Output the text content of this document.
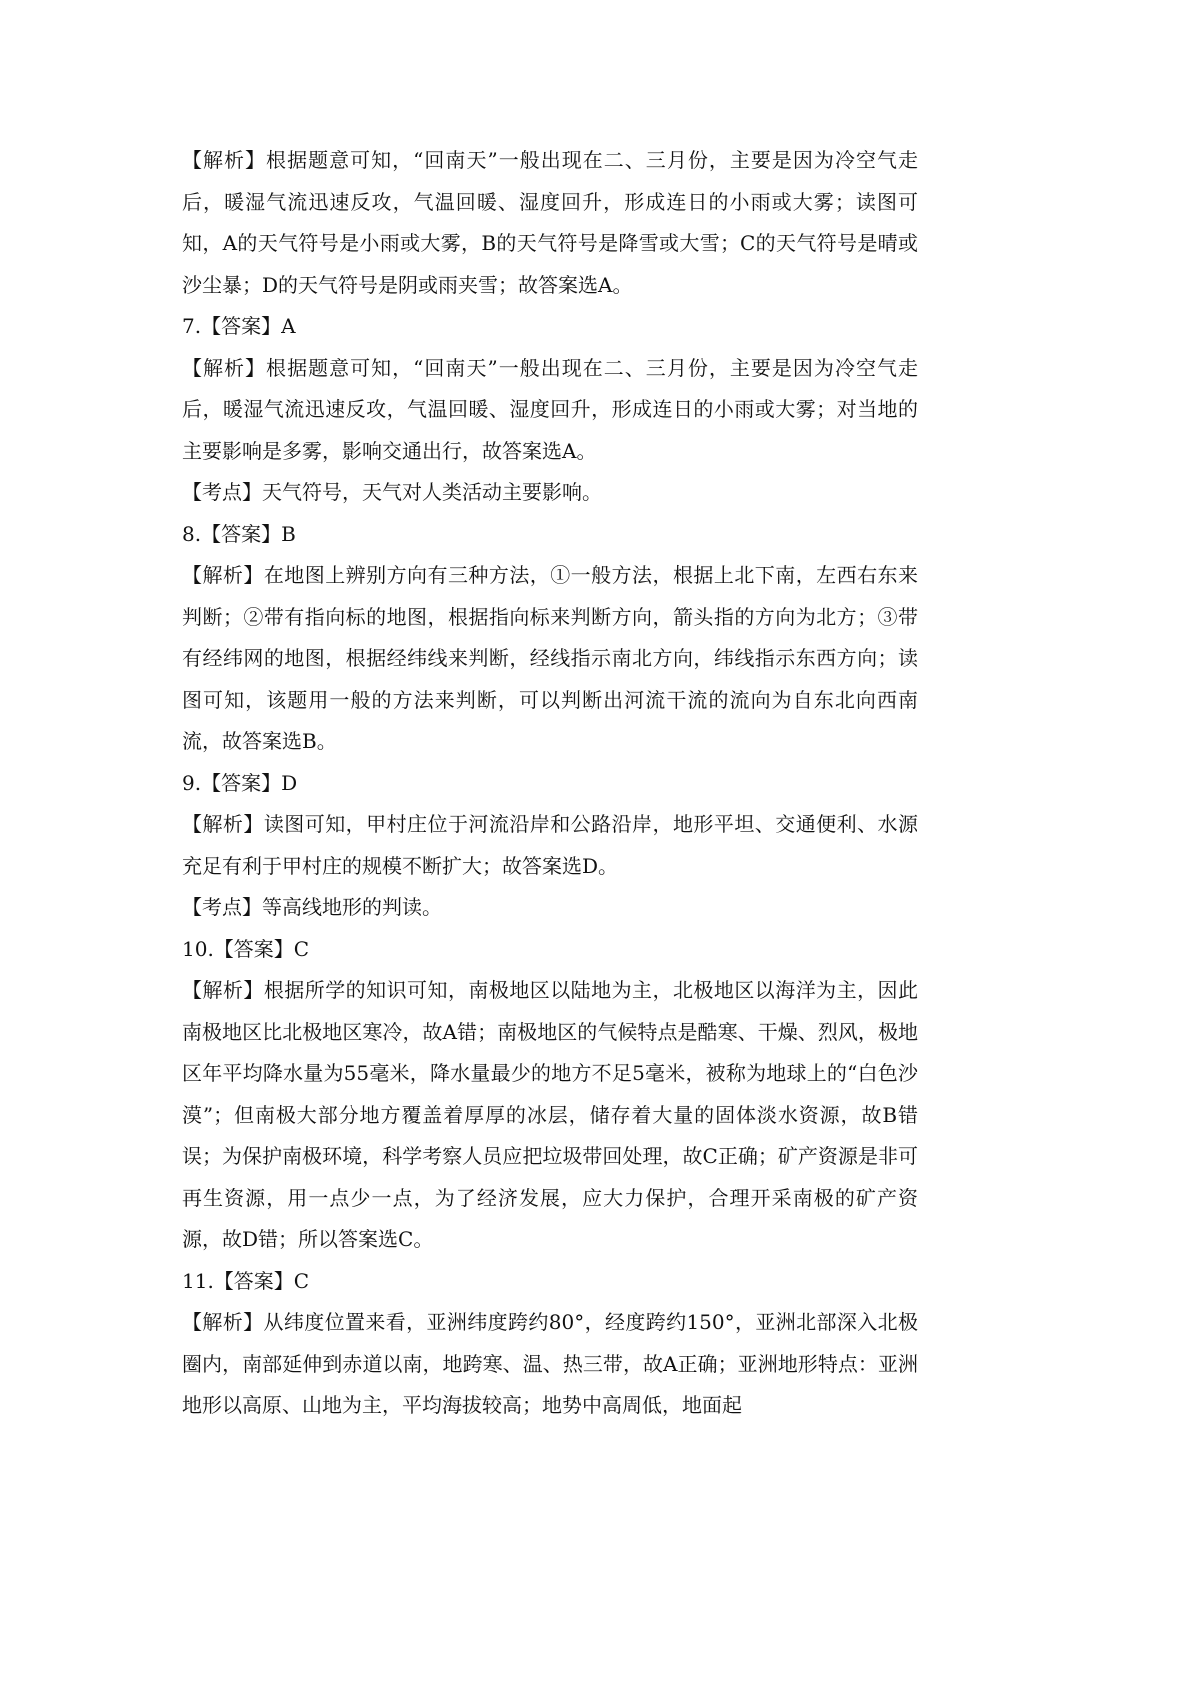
【解析】根据题意可知，“回南天”一般出现在二、三月份，主要是因为冷空气走后，暖湿气流迅速反攻，气温回暖、湿度回升，形成连日的小雨或大雾；读图可知，A的天气符号是小雨或大雾，B的天气符号是降雪或大雪；C的天气符号是晴或沙尘暴；D的天气符号是阴或雨夹雪；故答案选A。

7.【答案】A

【解析】根据题意可知，“回南天”一般出现在二、三月份，主要是因为冷空气走后，暖湿气流迅速反攻，气温回暖、湿度回升，形成连日的小雨或大雾；对当地的主要影响是多雾，影响交通出行，故答案选A。

【考点】天气符号，天气对人类活动主要影响。

8.【答案】B

【解析】在地图上辨别方向有三种方法，①一般方法，根据上北下南，左西右东来判断；②带有指向标的地图，根据指向标来判断方向，箭头指的方向为北方；③带有经纬网的地图，根据经纬线来判断，经线指示南北方向，纬线指示东西方向；读图可知，该题用一般的方法来判断，可以判断出河流干流的流向为自东北向西南流，故答案选B。

9.【答案】D

【解析】读图可知，甲村庄位于河流沿岸和公路沿岸，地形平坦、交通便利、水源充足有利于甲村庄的规模不断扩大；故答案选D。

【考点】等高线地形的判读。

10.【答案】C

【解析】根据所学的知识可知，南极地区以陆地为主，北极地区以海洋为主，因此南极地区比北极地区寒冷，故A错；南极地区的气候特点是酷寒、干燥、烈风，极地区年平均降水量为55毫米，降水量最少的地方不足5毫米，被称为地球上的“白色沙漠”；但南极大部分地方覆盖着厚厚的冰层，储存着大量的固体淡水资源，故B错误；为保护南极环境，科学考察人员应把垃圾带回处理，故C正确；矿产资源是非可再生资源，用一点少一点，为了经济发展，应大力保护，合理开采南极的矿产资源，故D错；所以答案选C。

11.【答案】C

【解析】从纬度位置来看，亚洲纬度跨约80°，经度跨约150°，亚洲北部深入北极圈内，南部延伸到赤道以南，地跨寒、温、热三带，故A正确；亚洲地形特点：亚洲地形以高原、山地为主，平均海拔较高；地势中高周低，地面起
